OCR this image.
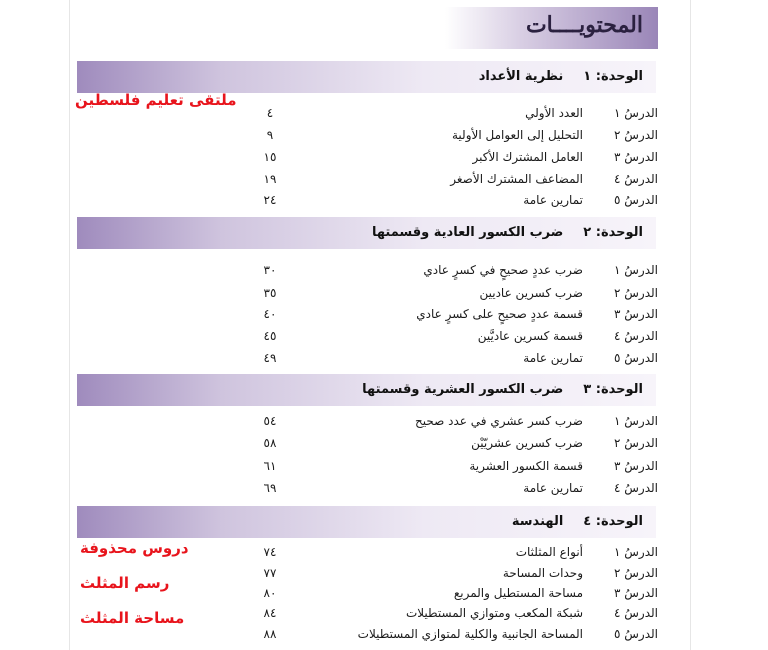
المحتويــــات
الوحدة: ١نظرية الأعداد
الدرسُ ١
العدد الأولي
٤
الدرسُ ٢
التحليل إلى العوامل الأولية
٩
الدرسُ ٣
العامل المشترك الأكبر
١٥
الدرسُ ٤
المضاعف المشترك الأصغر
١٩
الدرسُ ٥
تمارين عامة
٢٤
الوحدة: ٢ضرب الكسور العادية وقسمتها
الدرسُ ١
ضرب عددٍ صحيحٍ في كسرٍ عادي
٣٠
الدرسُ ٢
ضرب كسرين عاديين
٣٥
الدرسُ ٣
قسمة عددٍ صحيحٍ على كسرٍ عادي
٤٠
الدرسُ ٤
قسمة كسرين عاديَّين
٤٥
الدرسُ ٥
تمارين عامة
٤٩
الوحدة: ٣ضرب الكسور العشرية وقسمتها
الدرسُ ١
ضرب كسر عشري في عدد صحيح
٥٤
الدرسُ ٢
ضرب كسرين عشريّيْن
٥٨
الدرسُ ٣
قسمة الكسور العشرية
٦١
الدرسُ ٤
تمارين عامة
٦٩
الوحدة: ٤الهندسة
الدرسُ ١
أنواع المثلثات
٧٤
الدرسُ ٢
وحدات المساحة
٧٧
الدرسُ ٣
مساحة المستطيل والمربع
٨٠
الدرسُ ٤
شبكة المكعب ومتوازي المستطيلات
٨٤
الدرسُ ٥
المساحة الجانبية والكلية لمتوازي المستطيلات
٨٨
ملتقى تعليم فلسطين
دروس محذوفة
رسم المثلث
مساحة المثلث
